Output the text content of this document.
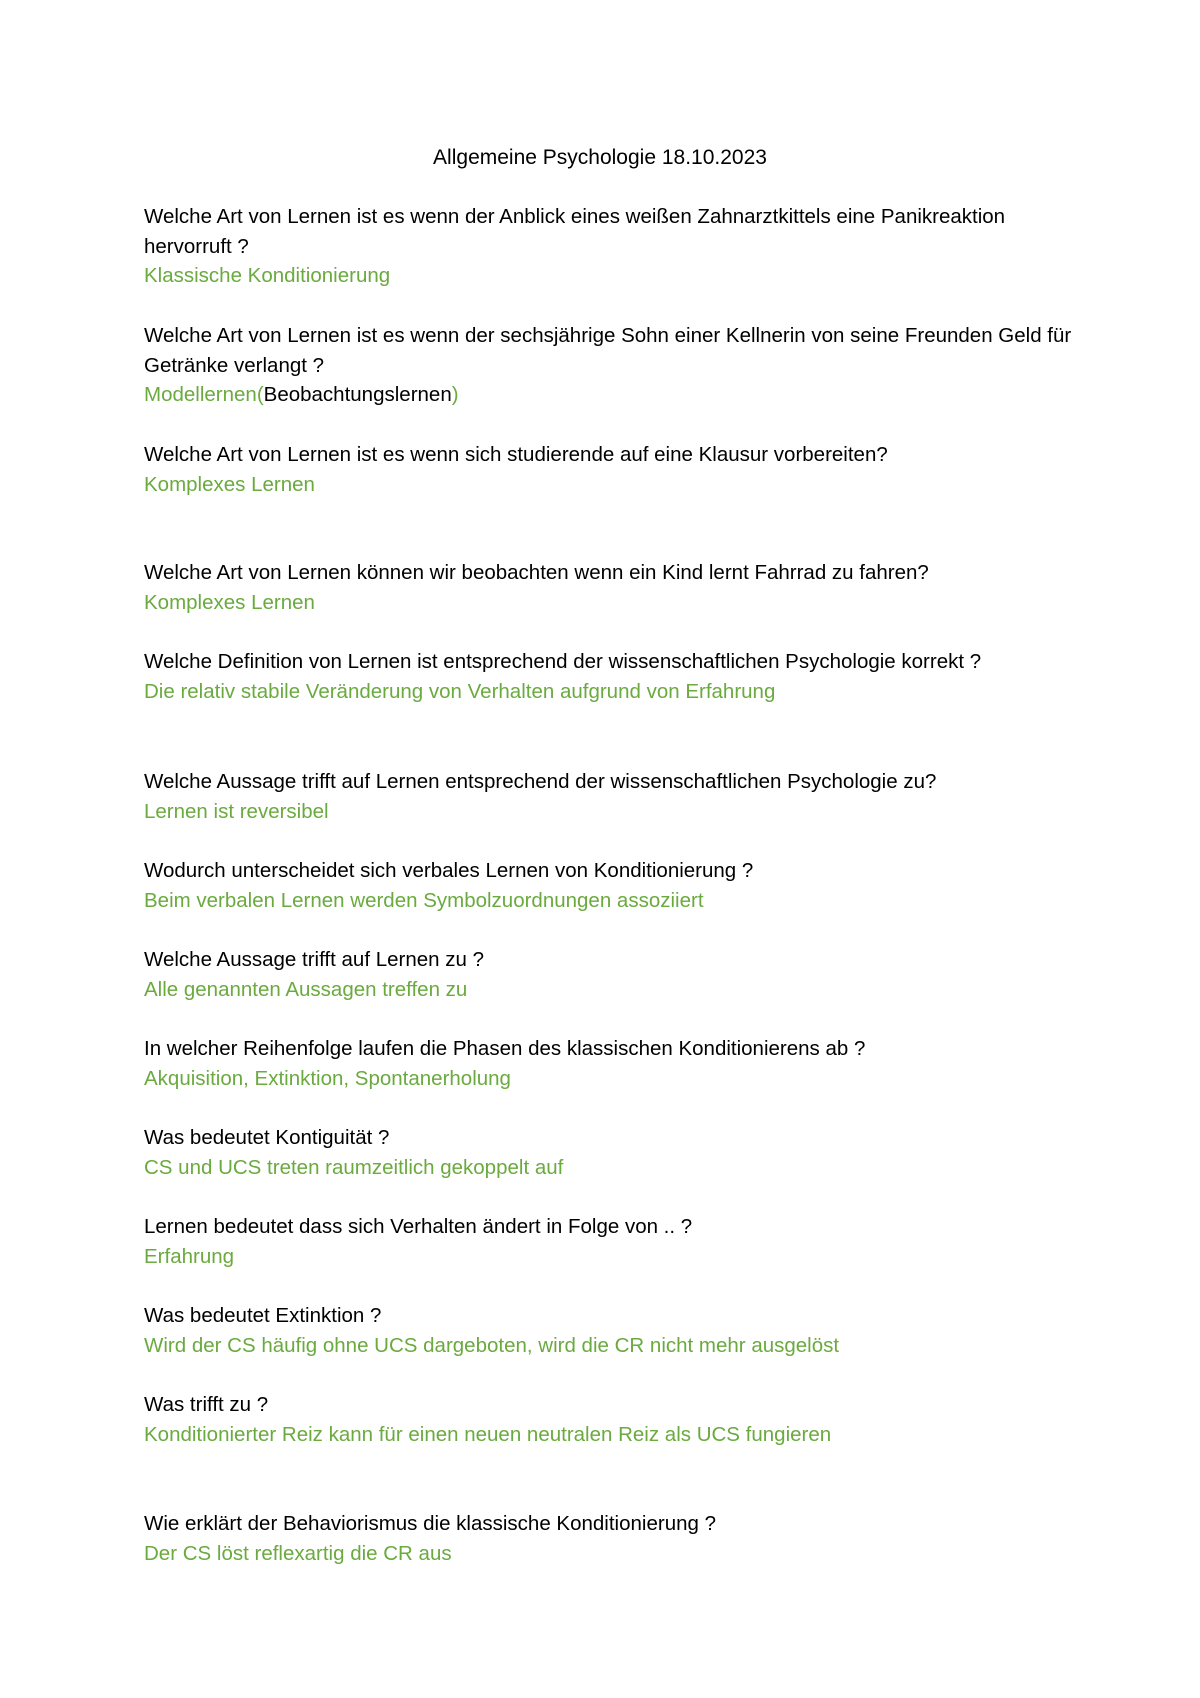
Allgemeine Psychologie 18.10.2023
Welche Art von Lernen ist es wenn der Anblick eines weißen Zahnarztkittels eine Panikreaktion hervorruft ?
Klassische Konditionierung
Welche Art von Lernen ist es wenn der sechsjährige Sohn einer Kellnerin von seine Freunden Geld für Getränke verlangt ?
Modellernen(Beobachtungslernen)
Welche Art von Lernen ist es wenn sich studierende auf eine Klausur vorbereiten?
Komplexes Lernen
Welche Art von Lernen können wir beobachten wenn ein Kind lernt Fahrrad zu fahren?
Komplexes Lernen
Welche Definition von Lernen ist entsprechend der wissenschaftlichen Psychologie korrekt ?
Die relativ stabile Veränderung von Verhalten aufgrund von Erfahrung
Welche Aussage trifft auf Lernen entsprechend der wissenschaftlichen Psychologie zu?
Lernen ist reversibel
Wodurch unterscheidet sich verbales Lernen von Konditionierung ?
Beim verbalen Lernen werden Symbolzuordnungen assoziiert
Welche Aussage trifft auf Lernen zu ?
Alle genannten Aussagen treffen zu
In welcher Reihenfolge laufen die Phasen des klassischen Konditionierens ab ?
Akquisition, Extinktion, Spontanerholung
Was bedeutet Kontiguität ?
CS und UCS treten raumzeitlich gekoppelt auf
Lernen bedeutet dass sich Verhalten ändert in Folge von .. ?
Erfahrung
Was bedeutet Extinktion ?
Wird der CS häufig ohne UCS dargeboten, wird die CR nicht mehr ausgelöst
Was trifft zu ?
Konditionierter Reiz kann für einen neuen neutralen Reiz als UCS fungieren
Wie erklärt der Behaviorismus die klassische Konditionierung ?
Der CS löst reflexartig die CR aus
